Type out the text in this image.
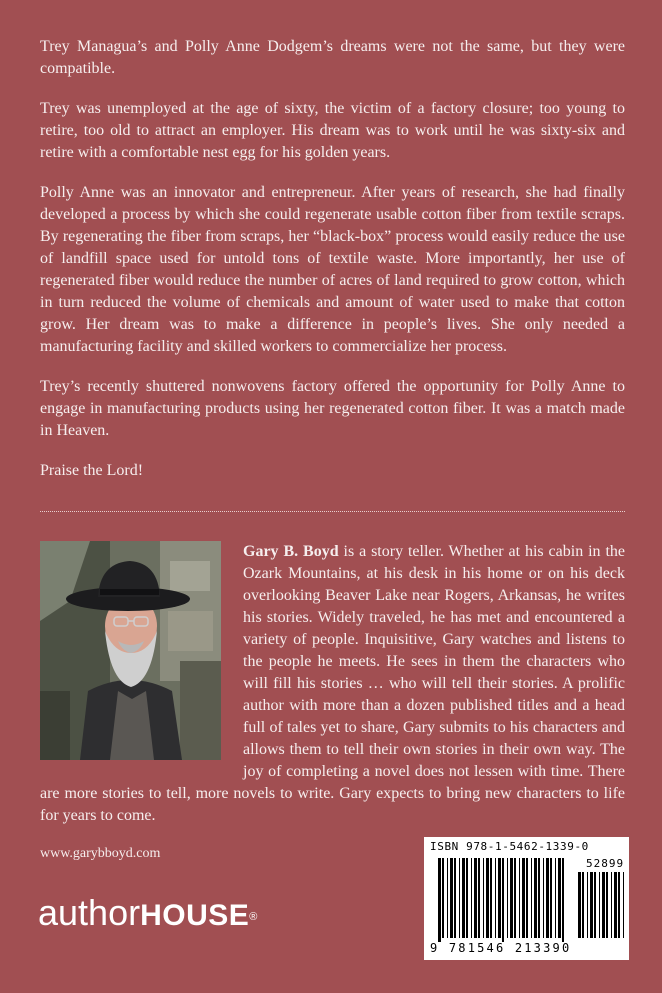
Trey Managua’s and Polly Anne Dodgem’s dreams were not the same, but they were compatible.

Trey was unemployed at the age of sixty, the victim of a factory closure; too young to retire, too old to attract an employer. His dream was to work until he was sixty-six and retire with a comfortable nest egg for his golden years.

Polly Anne was an innovator and entrepreneur. After years of research, she had finally developed a process by which she could regenerate usable cotton fiber from textile scraps. By regenerating the fiber from scraps, her “black-box” process would easily reduce the use of landfill space used for untold tons of textile waste. More importantly, her use of regenerated fiber would reduce the number of acres of land required to grow cotton, which in turn reduced the volume of chemicals and amount of water used to make that cotton grow. Her dream was to make a difference in people’s lives. She only needed a manufacturing facility and skilled workers to commercialize her process.

Trey’s recently shuttered nonwovens factory offered the opportunity for Polly Anne to engage in manufacturing products using her regenerated cotton fiber. It was a match made in Heaven.

Praise the Lord!

Gary B. Boyd is a story teller. Whether at his cabin in the Ozark Mountains, at his desk in his home or on his deck overlooking Beaver Lake near Rogers, Arkansas, he writes his stories. Widely traveled, he has met and encountered a variety of people. Inquisitive, Gary watches and listens to the people he meets. He sees in them the characters who will fill his stories … who will tell their stories. A prolific author with more than a dozen published titles and a head full of tales yet to share, Gary submits to his characters and allows them to tell their own stories in their own way. The joy of completing a novel does not lessen with time. There are more stories to tell, more novels to write. Gary expects to bring new characters to life for years to come.

www.garybboyd.com

authorHOUSE®
ISBN 978-1-5462-1339-0
52899
9 781546 213390
